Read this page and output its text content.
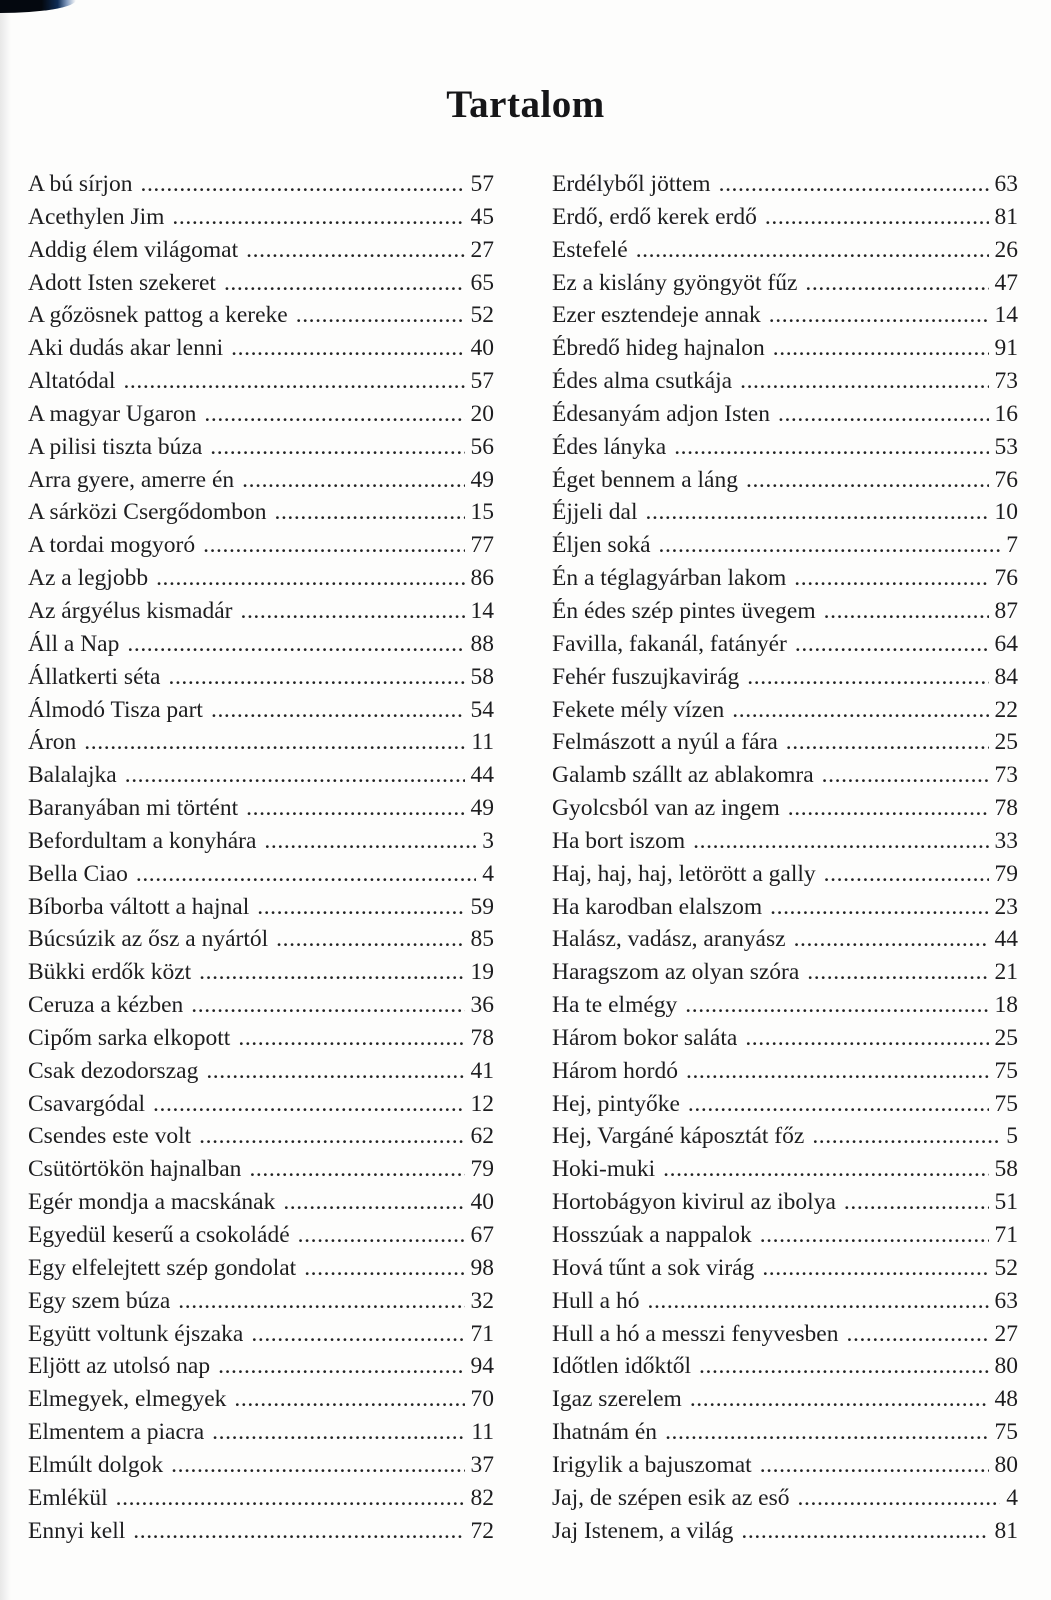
Tartalom
A bú sírjon .....	57
Acethylen Jim .....	45
Addig élem világomat .....	27
Adott Isten szekeret .....	65
A gőzösnek pattog a kereke .....	52
Aki dudás akar lenni .....	40
Altatódal .....	57
A magyar Ugaron .....	20
A pilisi tiszta búza .....	56
Arra gyere, amerre én .....	49
A sárközi Csergődombon .....	15
A tordai mogyoró .....	77
Az a legjobb .....	86
Az árgyélus kismadár .....	14
Áll a Nap .....	88
Állatkerti séta .....	58
Álmodó Tisza part .....	54
Áron .....	11
Balalajka .....	44
Baranyában mi történt .....	49
Befordultam a konyhára .....	3
Bella Ciao .....	4
Bíborba váltott a hajnal .....	59
Búcsúzik az ősz a nyártól .....	85
Bükki erdők közt .....	19
Ceruza a kézben .....	36
Cipőm sarka elkopott .....	78
Csak dezodorszag .....	41
Csavargódal .....	12
Csendes este volt .....	62
Csütörtökön hajnalban .....	79
Egér mondja a macskának .....	40
Egyedül keserű a csokoládé .....	67
Egy elfelejtett szép gondolat .....	98
Egy szem búza .....	32
Együtt voltunk éjszaka .....	71
Eljött az utolsó nap .....	94
Elmegyek, elmegyek .....	70
Elmentem a piacra .....	11
Elmúlt dolgok .....	37
Emlékül .....	82
Ennyi kell .....	72
Erdélyből jöttem .....	63
Erdő, erdő kerek erdő .....	81
Estefelé .....	26
Ez a kislány gyöngyöt fűz .....	47
Ezer esztendeje annak .....	14
Ébredő hideg hajnalon .....	91
Édes alma csutkája .....	73
Édesanyám adjon Isten .....	16
Édes lányka .....	53
Éget bennem a láng .....	76
Éjjeli dal .....	10
Éljen soká .....	7
Én a téglagyárban lakom .....	76
Én édes szép pintes üvegem .....	87
Favilla, fakanál, fatányér .....	64
Fehér fuszujkavirág .....	84
Fekete mély vízen .....	22
Felmászott a nyúl a fára .....	25
Galamb szállt az ablakomra .....	73
Gyolcsból van az ingem .....	78
Ha bort iszom .....	33
Haj, haj, haj, letörött a gally .....	79
Ha karodban elalszom .....	23
Halász, vadász, aranyász .....	44
Haragszom az olyan szóra .....	21
Ha te elmégy .....	18
Három bokor saláta .....	25
Három hordó .....	75
Hej, pintyőke .....	75
Hej, Vargáné káposztát főz .....	5
Hoki-muki .....	58
Hortobágyon kivirul az ibolya .....	51
Hosszúak a nappalok .....	71
Hová tűnt a sok virág .....	52
Hull a hó .....	63
Hull a hó a messzi fenyvesben .....	27
Időtlen időktől .....	80
Igaz szerelem .....	48
Ihatnám én .....	75
Irigylik a bajuszomat .....	80
Jaj, de szépen esik az eső .....	4
Jaj Istenem, a világ .....	81
